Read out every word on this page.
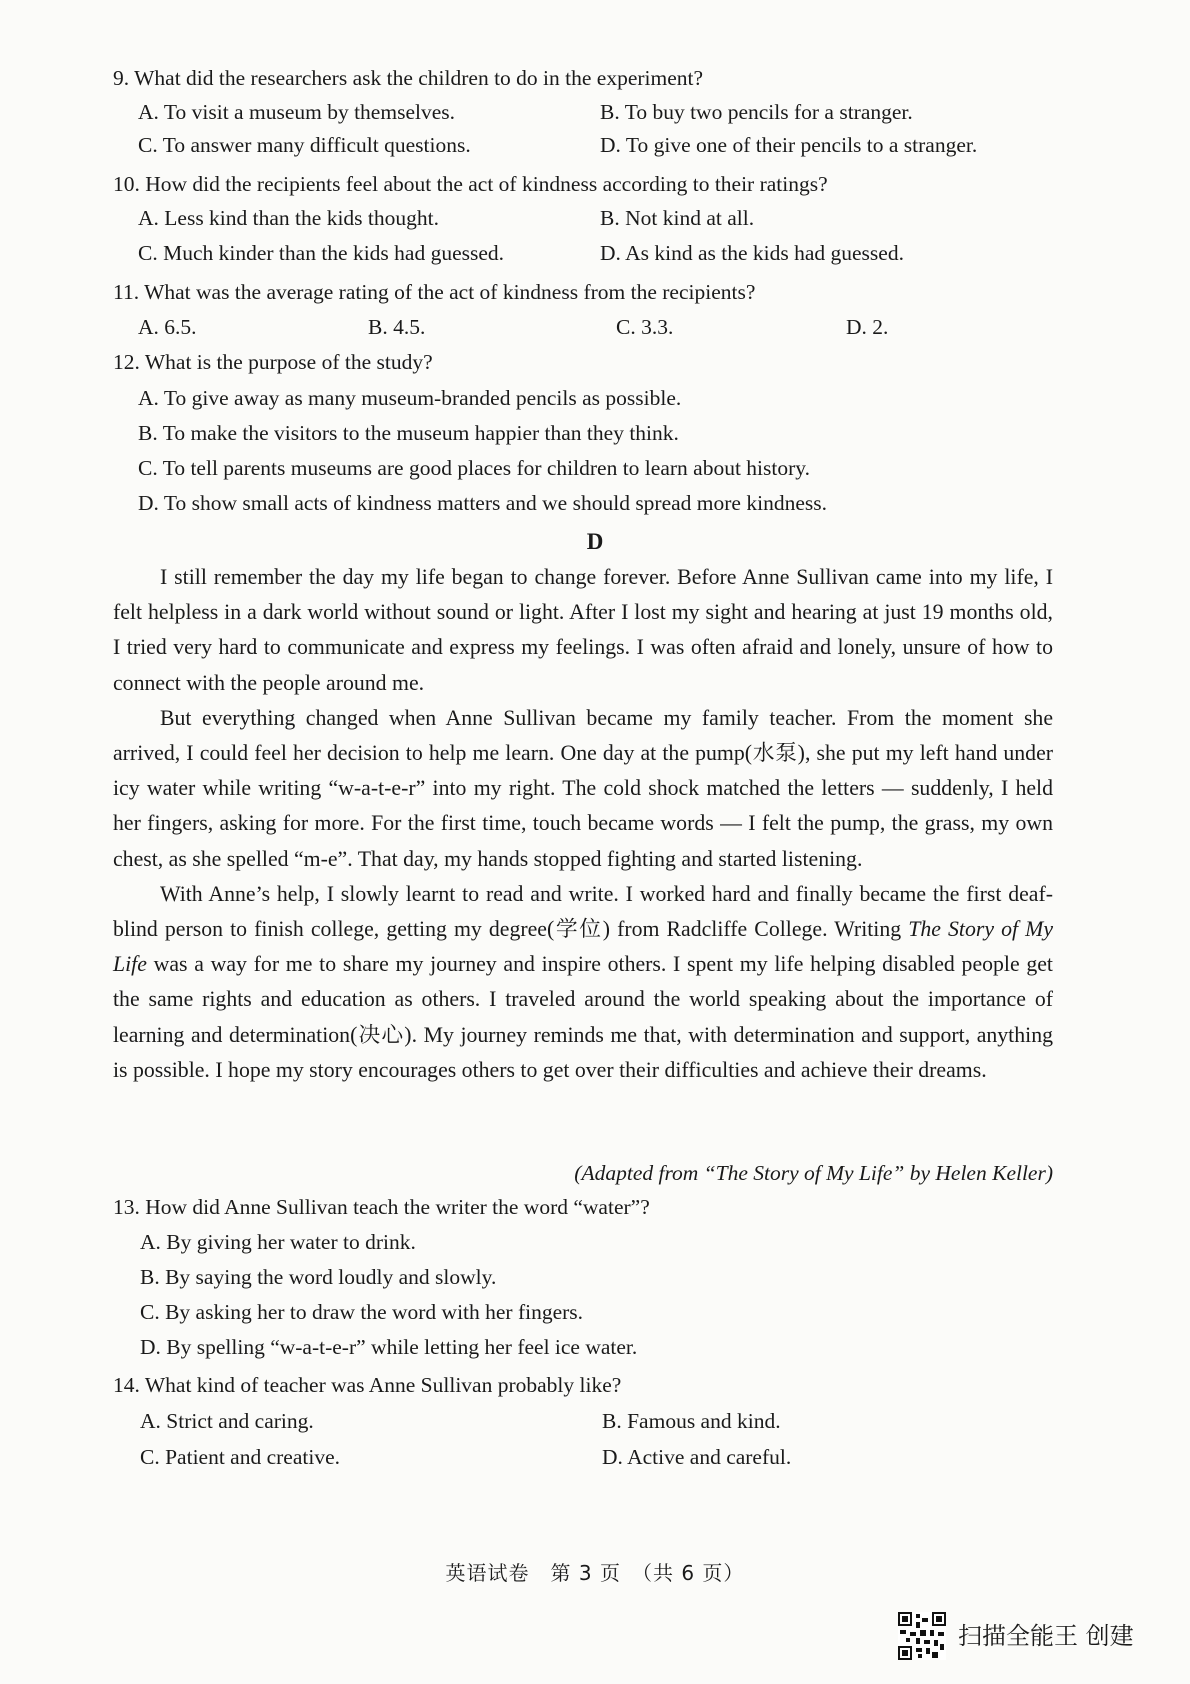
9. What did the researchers ask the children to do in the experiment?
A. To visit a museum by themselves.	B. To buy two pencils for a stranger.
C. To answer many difficult questions.	D. To give one of their pencils to a stranger.
10. How did the recipients feel about the act of kindness according to their ratings?
A. Less kind than the kids thought.	B. Not kind at all.
C. Much kinder than the kids had guessed.	D. As kind as the kids had guessed.
11. What was the average rating of the act of kindness from the recipients?
A. 6.5.	B. 4.5.	C. 3.3.	D. 2.
12. What is the purpose of the study?
A. To give away as many museum-branded pencils as possible.
B. To make the visitors to the museum happier than they think.
C. To tell parents museums are good places for children to learn about history.
D. To show small acts of kindness matters and we should spread more kindness.
D

I still remember the day my life began to change forever. Before Anne Sullivan came into my life, I felt helpless in a dark world without sound or light. After I lost my sight and hearing at just 19 months old, I tried very hard to communicate and express my feelings. I was often afraid and lonely, unsure of how to connect with the people around me.

But everything changed when Anne Sullivan became my family teacher. From the moment she arrived, I could feel her decision to help me learn. One day at the pump(水泵), she put my left hand under icy water while writing “w-a-t-e-r” into my right. The cold shock matched the letters — suddenly, I held her fingers, asking for more. For the first time, touch became words — I felt the pump, the grass, my own chest, as she spelled “m-e”. That day, my hands stopped fighting and started listening.

With Anne’s help, I slowly learnt to read and write. I worked hard and finally became the first deaf-blind person to finish college, getting my degree(学位) from Radcliffe College. Writing The Story of My Life was a way for me to share my journey and inspire others. I spent my life helping disabled people get the same rights and education as others. I traveled around the world speaking about the importance of learning and determination(决心). My journey reminds me that, with determination and support, anything is possible. I hope my story encourages others to get over their difficulties and achieve their dreams.

(Adapted from “The Story of My Life” by Helen Keller)
13. How did Anne Sullivan teach the writer the word “water”?
A. By giving her water to drink.
B. By saying the word loudly and slowly.
C. By asking her to draw the word with her fingers.
D. By spelling “w-a-t-e-r” while letting her feel ice water.
14. What kind of teacher was Anne Sullivan probably like?
A. Strict and caring.	B. Famous and kind.
C. Patient and creative.	D. Active and careful.
英语试卷　第 3 页　（共 6 页）
扫描全能王 创建
